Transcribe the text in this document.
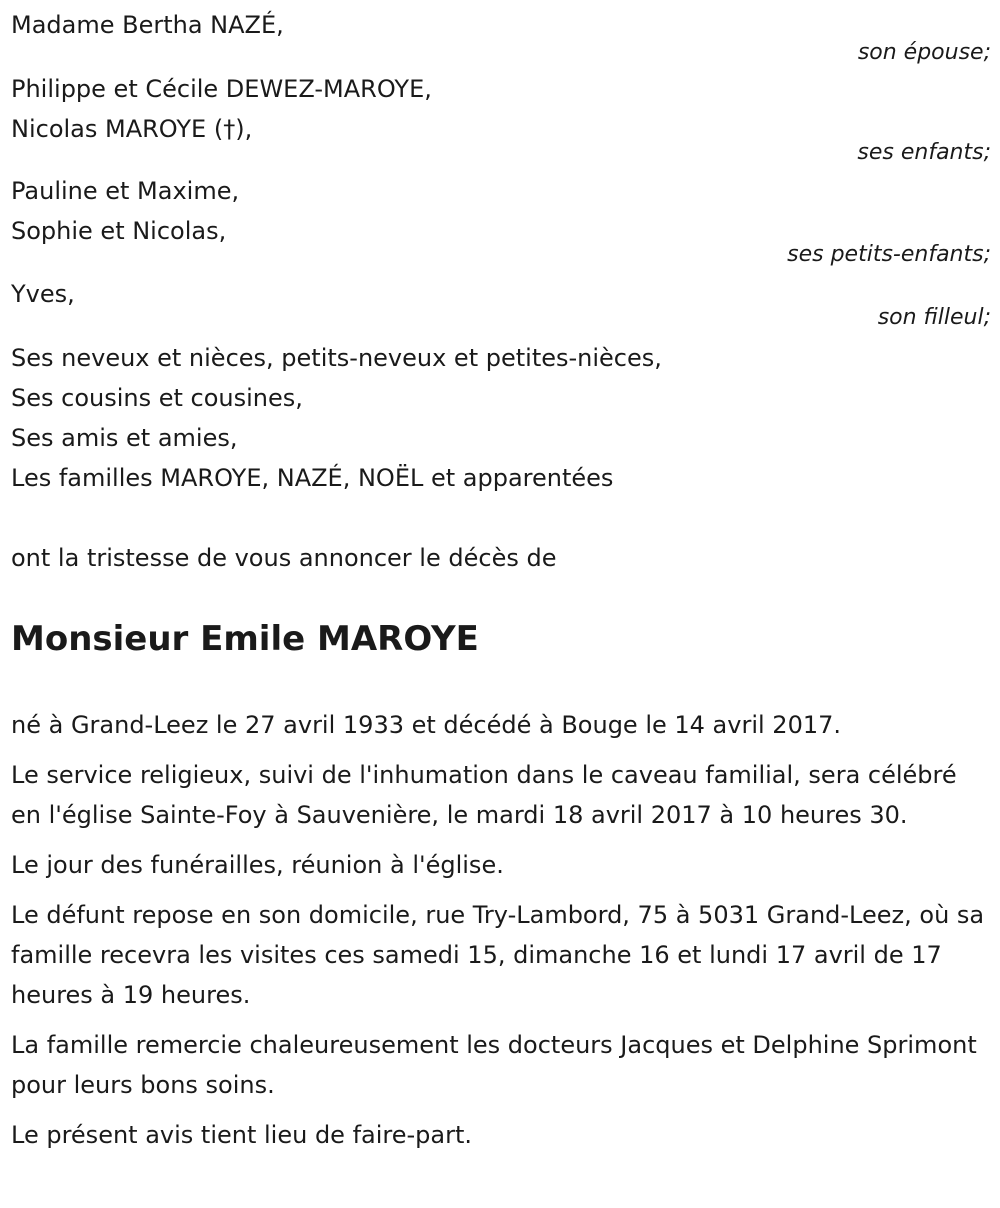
Madame Bertha NAZÉ,
son épouse;
Philippe et Cécile DEWEZ-MAROYE,
Nicolas MAROYE (†),
ses enfants;
Pauline et Maxime,
Sophie et Nicolas,
ses petits-enfants;
Yves,
son filleul;
Ses neveux et nièces, petits-neveux et petites-nièces,
Ses cousins et cousines,
Ses amis et amies,
Les familles MAROYE, NAZÉ, NOËL et apparentées
ont la tristesse de vous annoncer le décès de
Monsieur Emile MAROYE

né à Grand-Leez le 27 avril 1933 et décédé à Bouge le 14 avril 2017.

Le service religieux, suivi de l'inhumation dans le caveau familial, sera célébré en l'église Sainte-Foy à Sauvenière, le mardi 18 avril 2017 à 10 heures 30.

Le jour des funérailles, réunion à l'église.

Le défunt repose en son domicile, rue Try-Lambord, 75 à 5031 Grand-Leez, où sa famille recevra les visites ces samedi 15, dimanche 16 et lundi 17 avril de 17 heures à 19 heures.

La famille remercie chaleureusement les docteurs Jacques et Delphine Sprimont pour leurs bons soins.

Le présent avis tient lieu de faire-part.
